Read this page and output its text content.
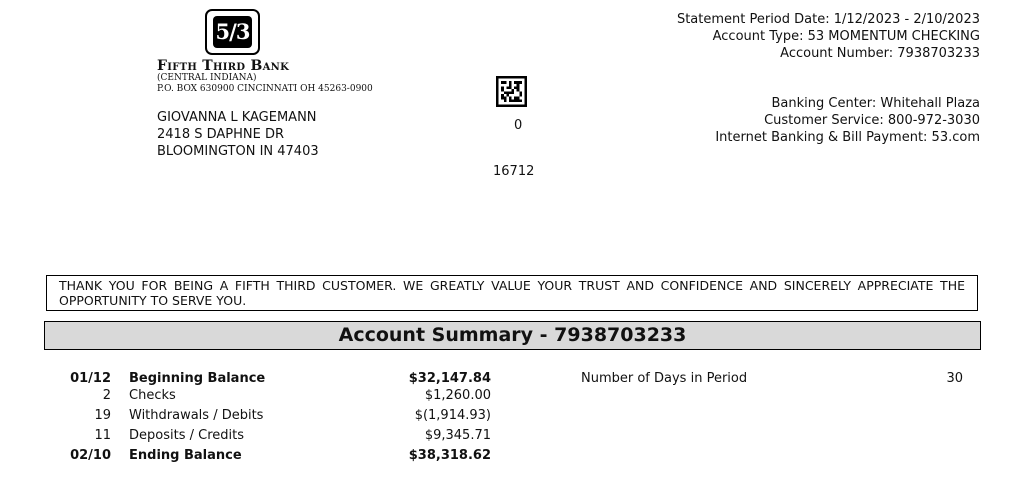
5/3
Fifth Third Bank
(CENTRAL INDIANA)
P.O. BOX 630900 CINCINNATI OH 45263-0900
GIOVANNA L KAGEMANN
2418 S DAPHNE DR
BLOOMINGTON IN 47403
0
16712
Statement Period Date: 1/12/2023 - 2/10/2023
Account Type: 53 MOMENTUM CHECKING
Account Number: 7938703233
Banking Center: Whitehall Plaza
Customer Service: 800-972-3030
Internet Banking & Bill Payment: 53.com
THANK YOU FOR BEING A FIFTH THIRD CUSTOMER. WE GREATLY VALUE YOUR TRUST AND CONFIDENCE AND SINCERELY APPRECIATE THE OPPORTUNITY TO SERVE YOU.
Account Summary - 7938703233
01/12 Beginning Balance	$32,147.84
2 Checks	$1,260.00
19 Withdrawals / Debits	$(1,914.93)
11 Deposits / Credits	$9,345.71
02/10 Ending Balance	$38,318.62
Number of Days in Period	30
